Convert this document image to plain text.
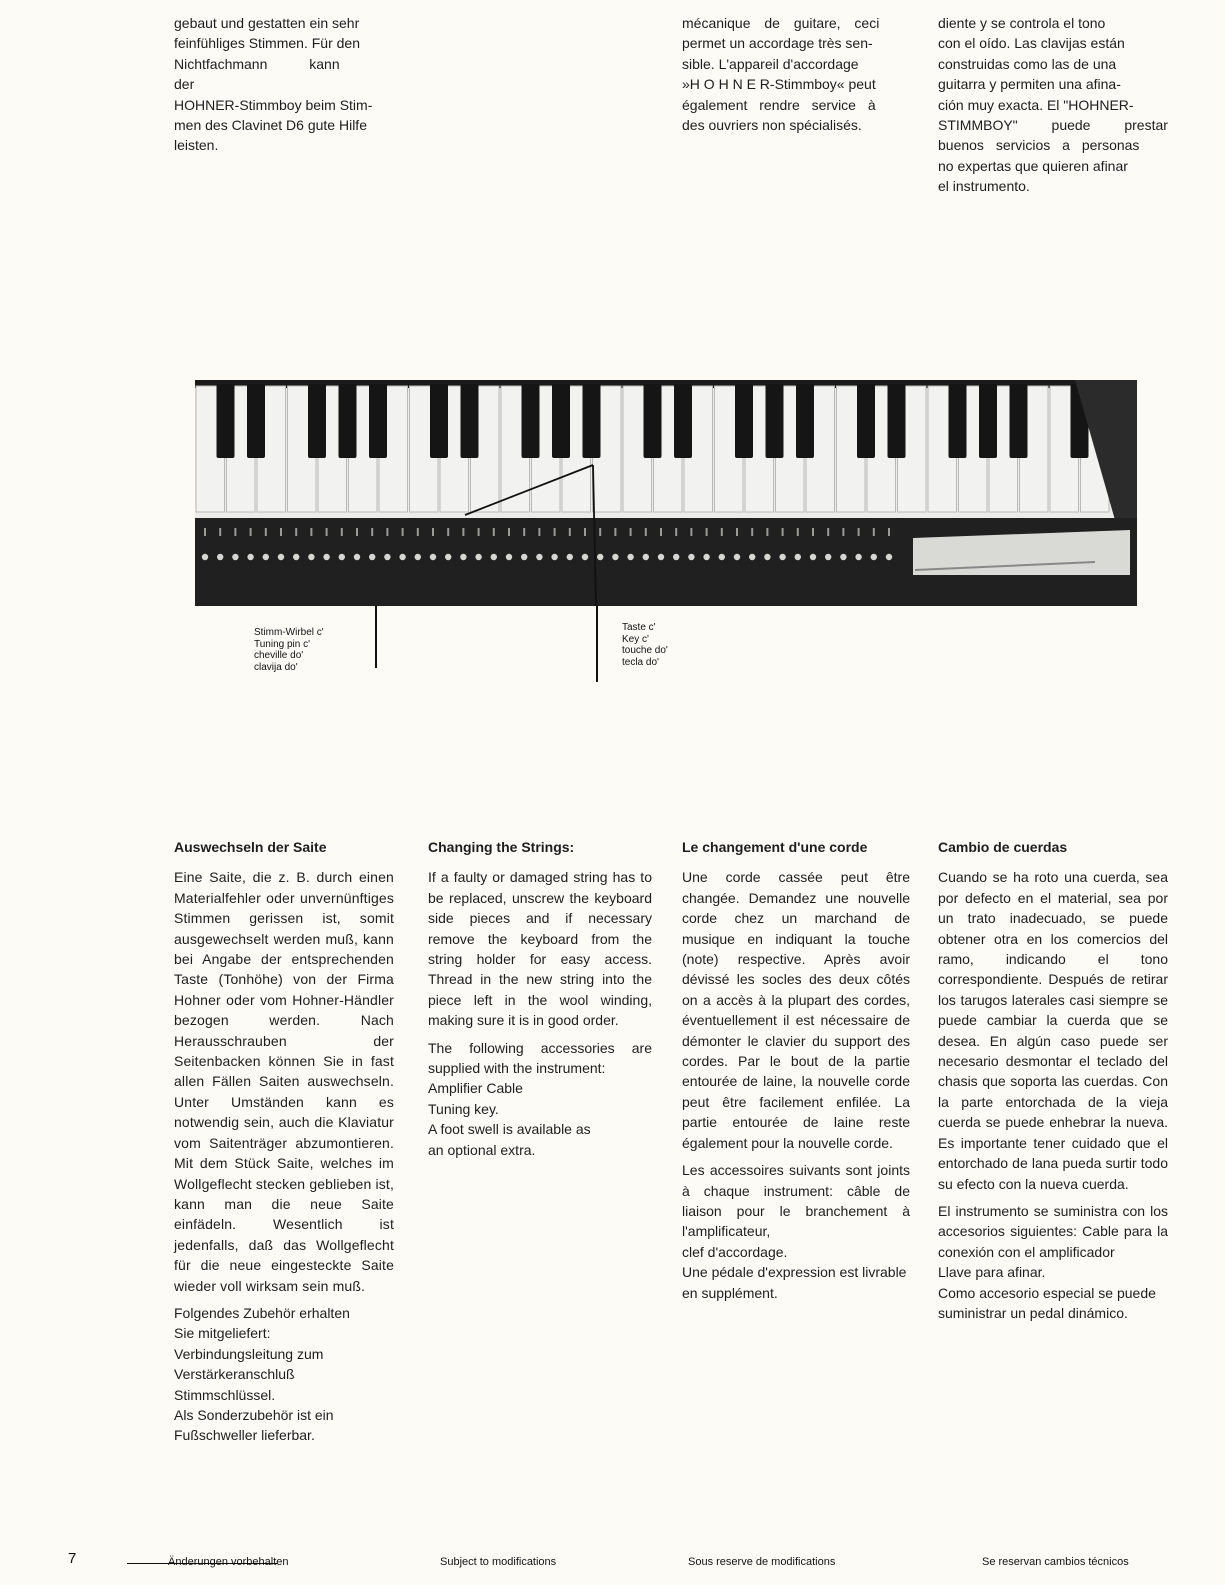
gebaut und gestatten ein sehr
feinfühliges Stimmen. Für den
Nichtfachmann kann der
HOHNER-Stimmboy beim Stim-
men des Clavinet D6 gute Hilfe
leisten.
mécanique de guitare, ceci
permet un accordage très sen-
sible. L'appareil d'accordage
»H O H N E R-Stimmboy« peut
également rendre service à
des ouvriers non spécialisés.
diente y se controla el tono
con el oído. Las clavijas están
construidas como las de una
guitarra y permiten una afina-
ción muy exacta. El "HOHNER-
STIMMBOY" puede prestar
buenos servicios a personas
no expertas que quieren afinar
el instrumento.
Stimm-Wirbel c'
Tuning pin c'
cheville do'
clavija do'
Taste c'
Key c'
touche do'
tecla do'

Auswechseln der Saite

Eine Saite, die z. B. durch einen Materialfehler oder unvernünftiges Stimmen gerissen ist, somit ausgewechselt werden muß, kann bei Angabe der entsprechenden Taste (Tonhöhe) von der Firma Hohner oder vom Hohner-Händler bezogen werden. Nach Herausschrauben der Seitenbacken können Sie in fast allen Fällen Saiten auswechseln. Unter Umständen kann es notwendig sein, auch die Klaviatur vom Saitenträger abzumontieren. Mit dem Stück Saite, welches im Wollgeflecht stecken geblieben ist, kann man die neue Saite einfädeln. Wesentlich ist jedenfalls, daß das Wollgeflecht für die neue eingesteckte Saite wieder voll wirksam sein muß.

Folgendes Zubehör erhalten
Sie mitgeliefert:
Verbindungsleitung zum
Verstärkeranschluß
Stimmschlüssel.
Als Sonderzubehör ist ein
Fußschweller lieferbar.

Changing the Strings:

If a faulty or damaged string has to be replaced, unscrew the keyboard side pieces and if necessary remove the keyboard from the string holder for easy access. Thread in the new string into the piece left in the wool winding, making sure it is in good order.

The following accessories are supplied with the instrument:

Amplifier Cable
Tuning key.
A foot swell is available as
an optional extra.

Le changement d'une corde

Une corde cassée peut être changée. Demandez une nouvelle corde chez un marchand de musique en indiquant la touche (note) respective. Après avoir dévissé les socles des deux côtés on a accès à la plupart des cordes, éventuellement il est nécessaire de démonter le clavier du support des cordes. Par le bout de la partie entourée de laine, la nouvelle corde peut être facilement enfilée. La partie entourée de laine reste également pour la nouvelle corde.

Les accessoires suivants sont joints à chaque instrument: câble de liaison pour le branchement à l'amplificateur,

clef d'accordage.
Une pédale d'expression est livrable en supplément.

Cambio de cuerdas

Cuando se ha roto una cuerda, sea por defecto en el material, sea por un trato inadecuado, se puede obtener otra en los comercios del ramo, indicando el tono correspondiente. Después de retirar los tarugos laterales casi siempre se puede cambiar la cuerda que se desea. En algún caso puede ser necesario desmontar el teclado del chasis que soporta las cuerdas. Con la parte entorchada de la vieja cuerda se puede enhebrar la nueva. Es importante tener cuidado que el entorchado de lana pueda surtir todo su efecto con la nueva cuerda.

El instrumento se suministra con los accesorios siguientes: Cable para la conexión con el amplificador

Llave para afinar.
Como accesorio especial se puede suministrar un pedal dinámico.
7	Änderungen vorbehalten	Subject to modifications	Sous reserve de modifications	Se reservan cambios técnicos
